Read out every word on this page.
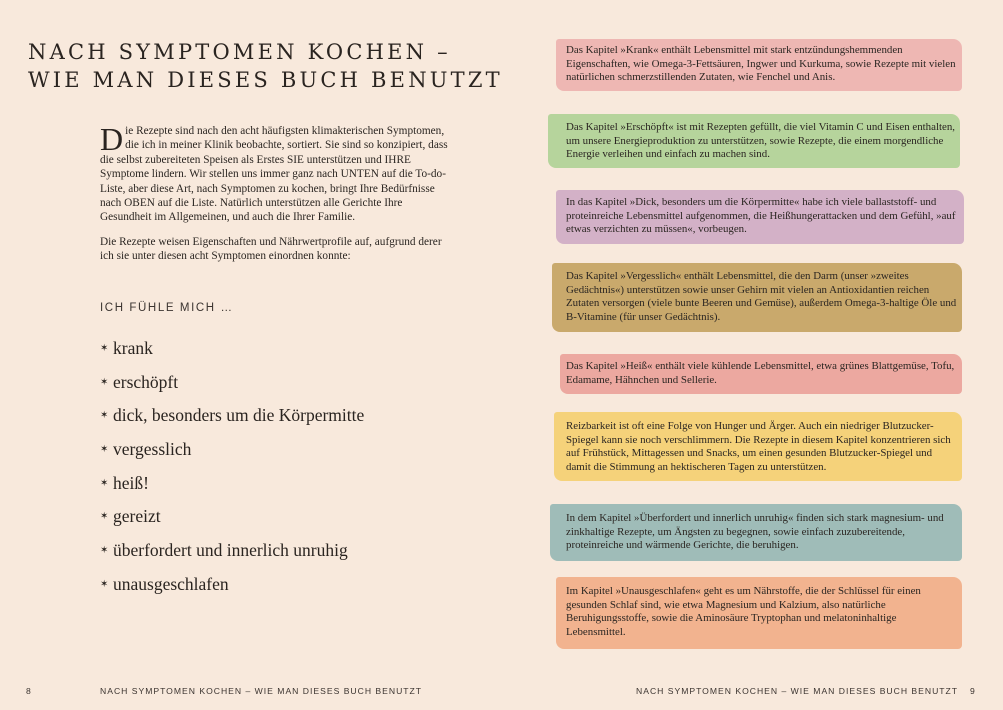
NACH SYMPTOMEN KOCHEN –
WIE MAN DIESES BUCH BENUTZT

D ie Rezepte sind nach den acht häufigsten klimakterischen Symptomen, die ich in meiner Klinik beobachte, sortiert. Sie sind so konzipiert, dass die selbst zubereiteten Speisen als Erstes SIE unterstützen und IHRE Symptome lindern. Wir stellen uns immer ganz nach UNTEN auf die To-do-Liste, aber diese Art, nach Symptomen zu kochen, bringt Ihre Bedürfnisse nach OBEN auf die Liste. Natürlich unterstützen alle Gerichte Ihre Gesundheit im Allgemeinen, und auch die Ihrer Familie.

Die Rezepte weisen Eigenschaften und Nährwertprofile auf, aufgrund derer ich sie unter diesen acht Symptomen einordnen konnte:

ICH FÜHLE MICH …
✶ krank
✶ erschöpft
✶ dick, besonders um die Körpermitte
✶ vergesslich
✶ heiß!
✶ gereizt
✶ überfordert und innerlich unruhig
✶ unausgeschlafen
Das Kapitel »Krank« enthält Lebensmittel mit stark entzündungshemmenden Eigenschaften, wie Omega-3-Fettsäuren, Ingwer und Kurkuma, sowie Rezepte mit vielen natürlichen schmerzstillenden Zutaten, wie Fenchel und Anis.
Das Kapitel »Erschöpft« ist mit Rezepten gefüllt, die viel Vitamin C und Eisen enthalten, um unsere Energieproduktion zu unterstützen, sowie Rezepte, die einem morgendliche Energie verleihen und einfach zu machen sind.
In das Kapitel »Dick, besonders um die Körpermitte« habe ich viele ballaststoff- und proteinreiche Lebensmittel aufgenommen, die Heißhungerattacken und dem Gefühl, »auf etwas verzichten zu müssen«, vorbeugen.
Das Kapitel »Vergesslich« enthält Lebensmittel, die den Darm (unser »zweites Gedächtnis«) unterstützen sowie unser Gehirn mit vielen an Antioxidantien reichen Zutaten versorgen (viele bunte Beeren und Gemüse), außerdem Omega-3-haltige Öle und B-Vitamine (für unser Gedächtnis).
Das Kapitel »Heiß« enthält viele kühlende Lebensmittel, etwa grünes Blattgemüse, Tofu, Edamame, Hähnchen und Sellerie.
Reizbarkeit ist oft eine Folge von Hunger und Ärger. Auch ein niedriger Blutzucker-Spiegel kann sie noch verschlimmern. Die Rezepte in diesem Kapitel konzentrieren sich auf Frühstück, Mittagessen und Snacks, um einen gesunden Blutzucker-Spiegel und damit die Stimmung an hektischeren Tagen zu unterstützen.
In dem Kapitel »Überfordert und innerlich unruhig« finden sich stark magnesium- und zinkhaltige Rezepte, um Ängsten zu begegnen, sowie einfach zuzubereitende, proteinreiche und wärmende Gerichte, die beruhigen.
Im Kapitel »Unausgeschlafen« geht es um Nährstoffe, die der Schlüssel für einen gesunden Schlaf sind, wie etwa Magnesium und Kalzium, also natürliche Beruhigungsstoffe, sowie die Aminosäure Tryptophan und melatoninhaltige Lebensmittel.
8	NACH SYMPTOMEN KOCHEN – WIE MAN DIESES BUCH BENUTZT	NACH SYMPTOMEN KOCHEN – WIE MAN DIESES BUCH BENUTZT 9
